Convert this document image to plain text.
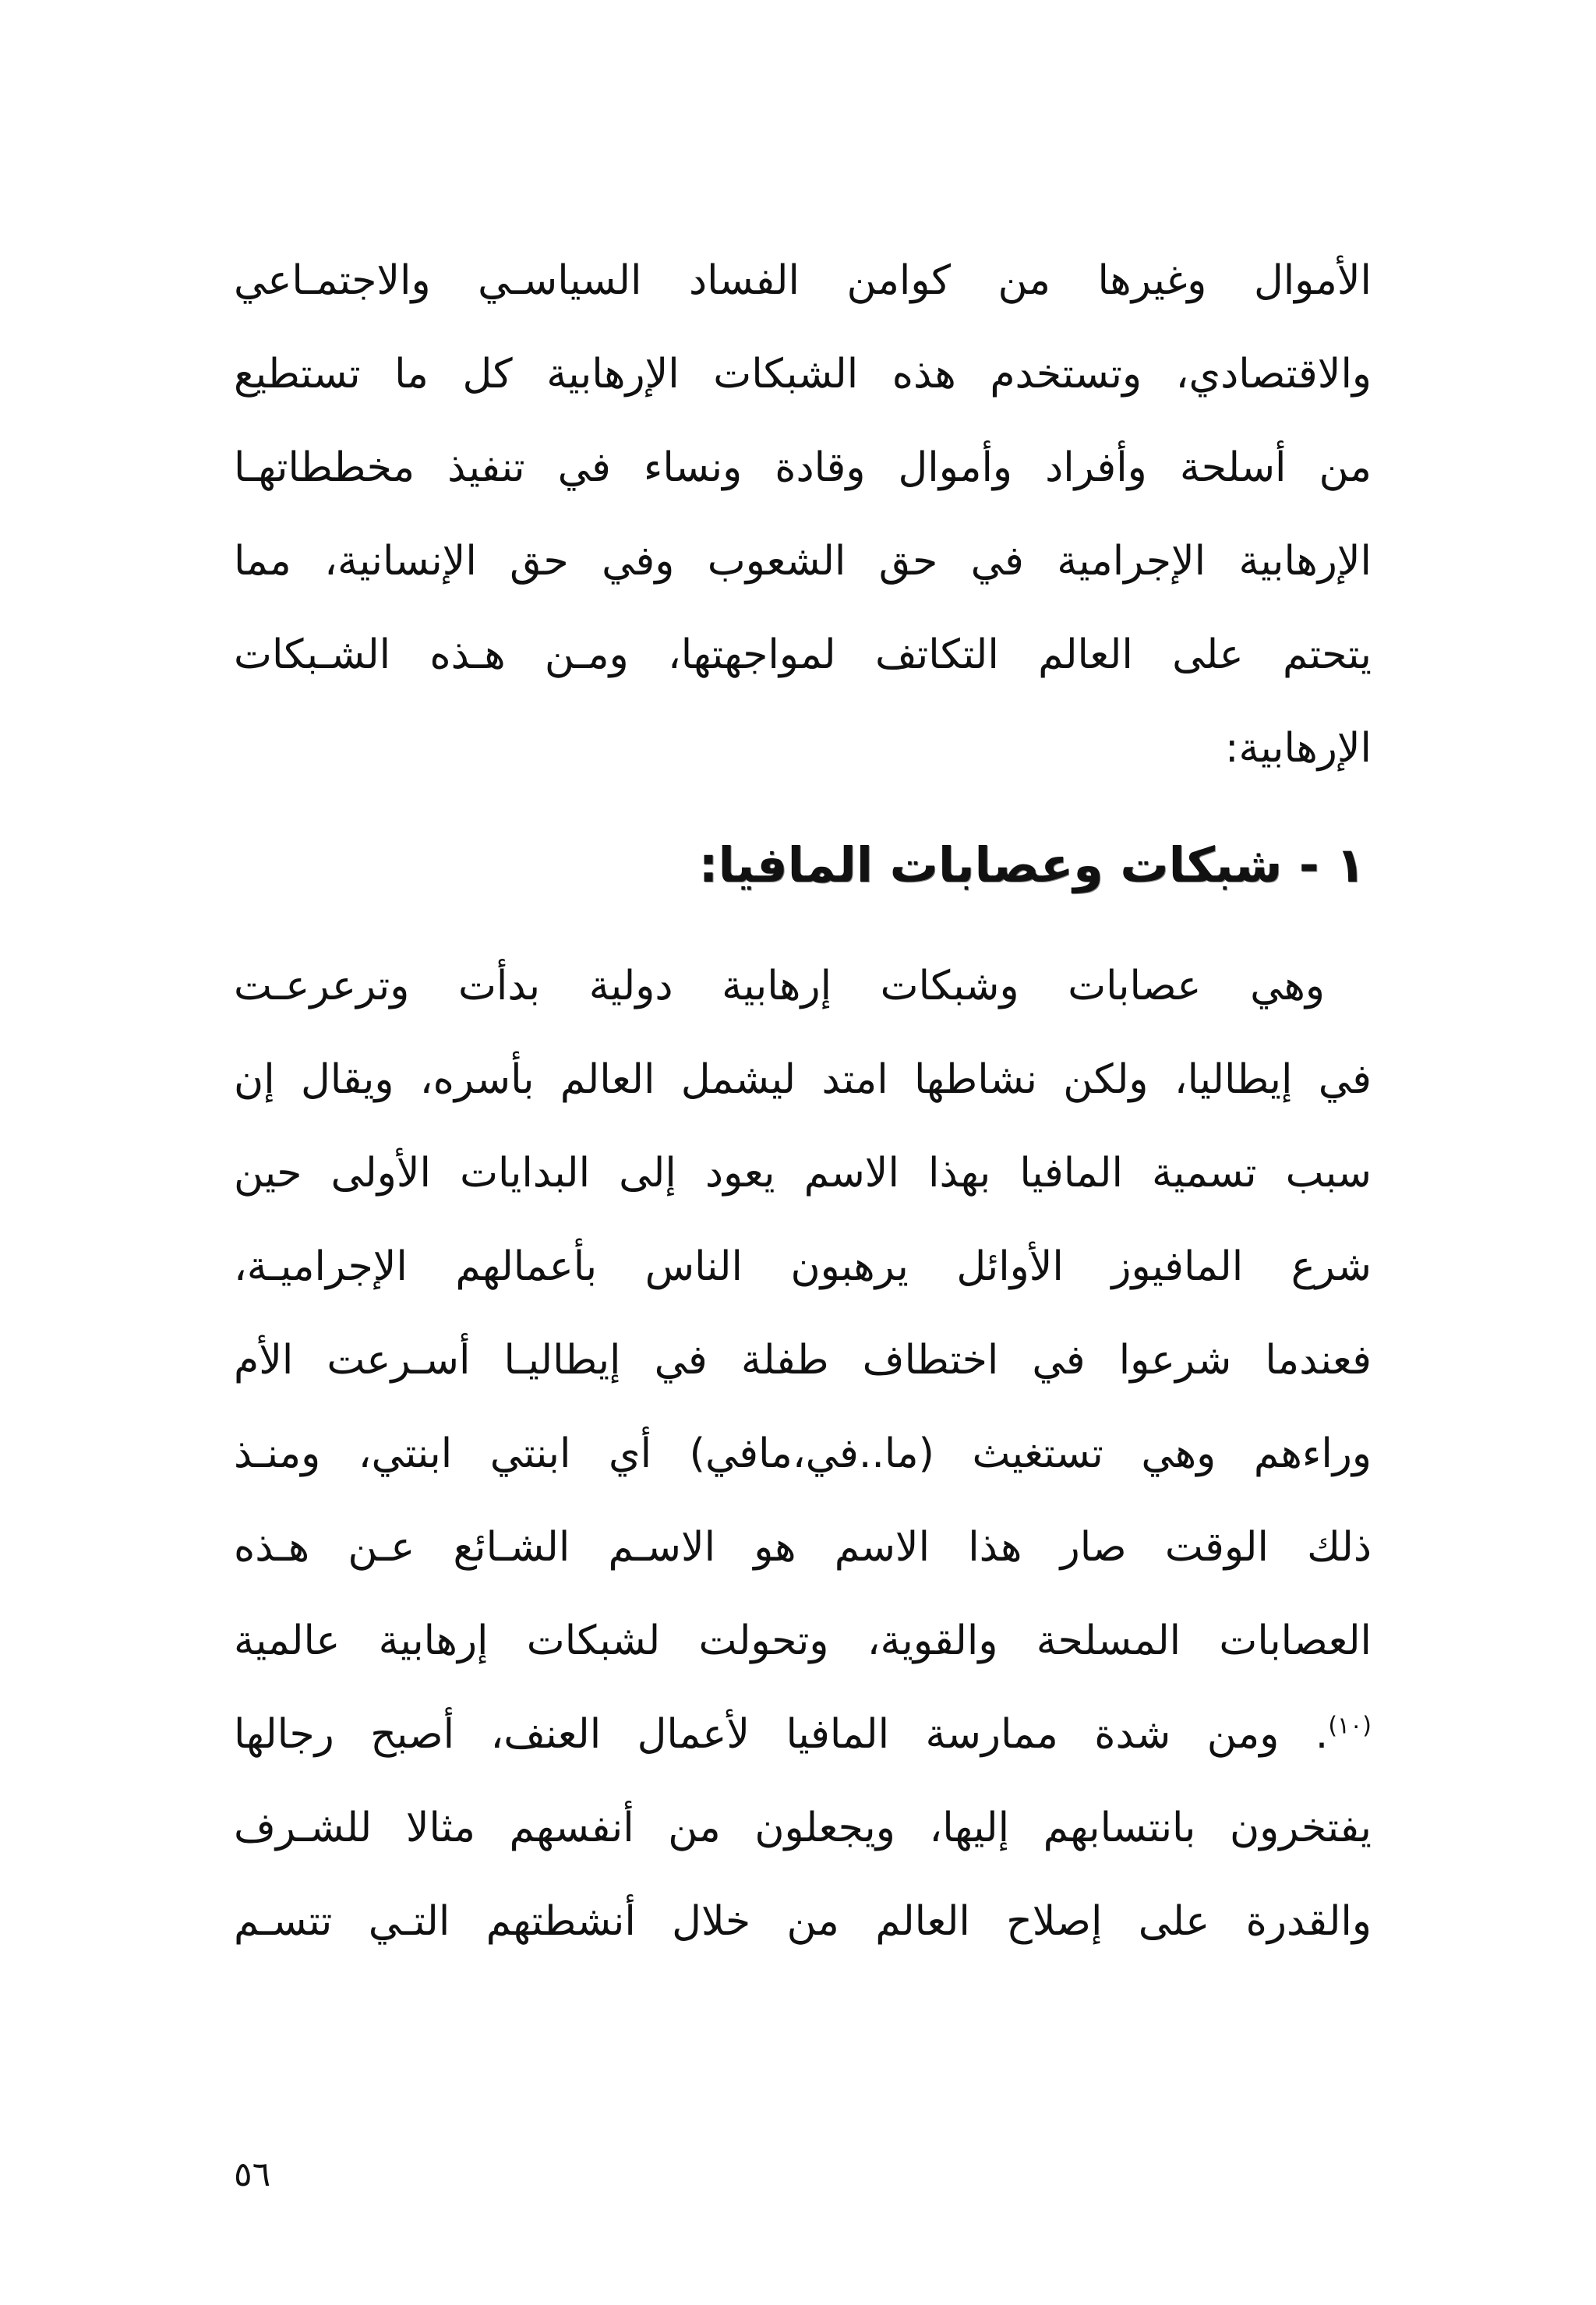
الأموال وغيرها من كوامن الفساد السياسـي والاجتمـاعي
والاقتصادي، وتستخدم هذه الشبكات الإرهابية كل ما تستطيع
من أسلحة وأفراد وأموال وقادة ونساء في تنفيذ مخططاتهـا
الإرهابية الإجرامية في حق الشعوب وفي حق الإنسانية، مما
يتحتم على العالم التكاتف لمواجهتها، ومـن هـذه الشـبكات
الإرهابية:
١ - شبكات وعصابات المافيا:
وهي عصابات وشبكات إرهابية دولية بدأت وترعرعـت
في إيطاليا، ولكن نشاطها امتد ليشمل العالم بأسره، ويقال إن
سبب تسمية المافيا بهذا الاسم يعود إلى البدايات الأولى حين
شرع المافيوز الأوائل يرهبون الناس بأعمالهم الإجراميـة،
فعندما شرعوا في اختطاف طفلة في إيطاليـا أسـرعت الأم
وراءهم وهي تستغيث (ما..في،مافي) أي ابنتي ابنتي، ومنـذ
ذلك الوقت صار هذا الاسم هو الاسـم الشـائع عـن هـذه
العصابات المسلحة والقوية، وتحولت لشبكات إرهابية عالمية
$^{(١٠)}$. ومن شدة ممارسة المافيا لأعمال العنف، أصبح رجالها
يفتخرون بانتسابهم إليها، ويجعلون من أنفسهم مثالا للشـرف
والقدرة على إصلاح العالم من خلال أنشطتهم التـي تتسـم
٥٦
